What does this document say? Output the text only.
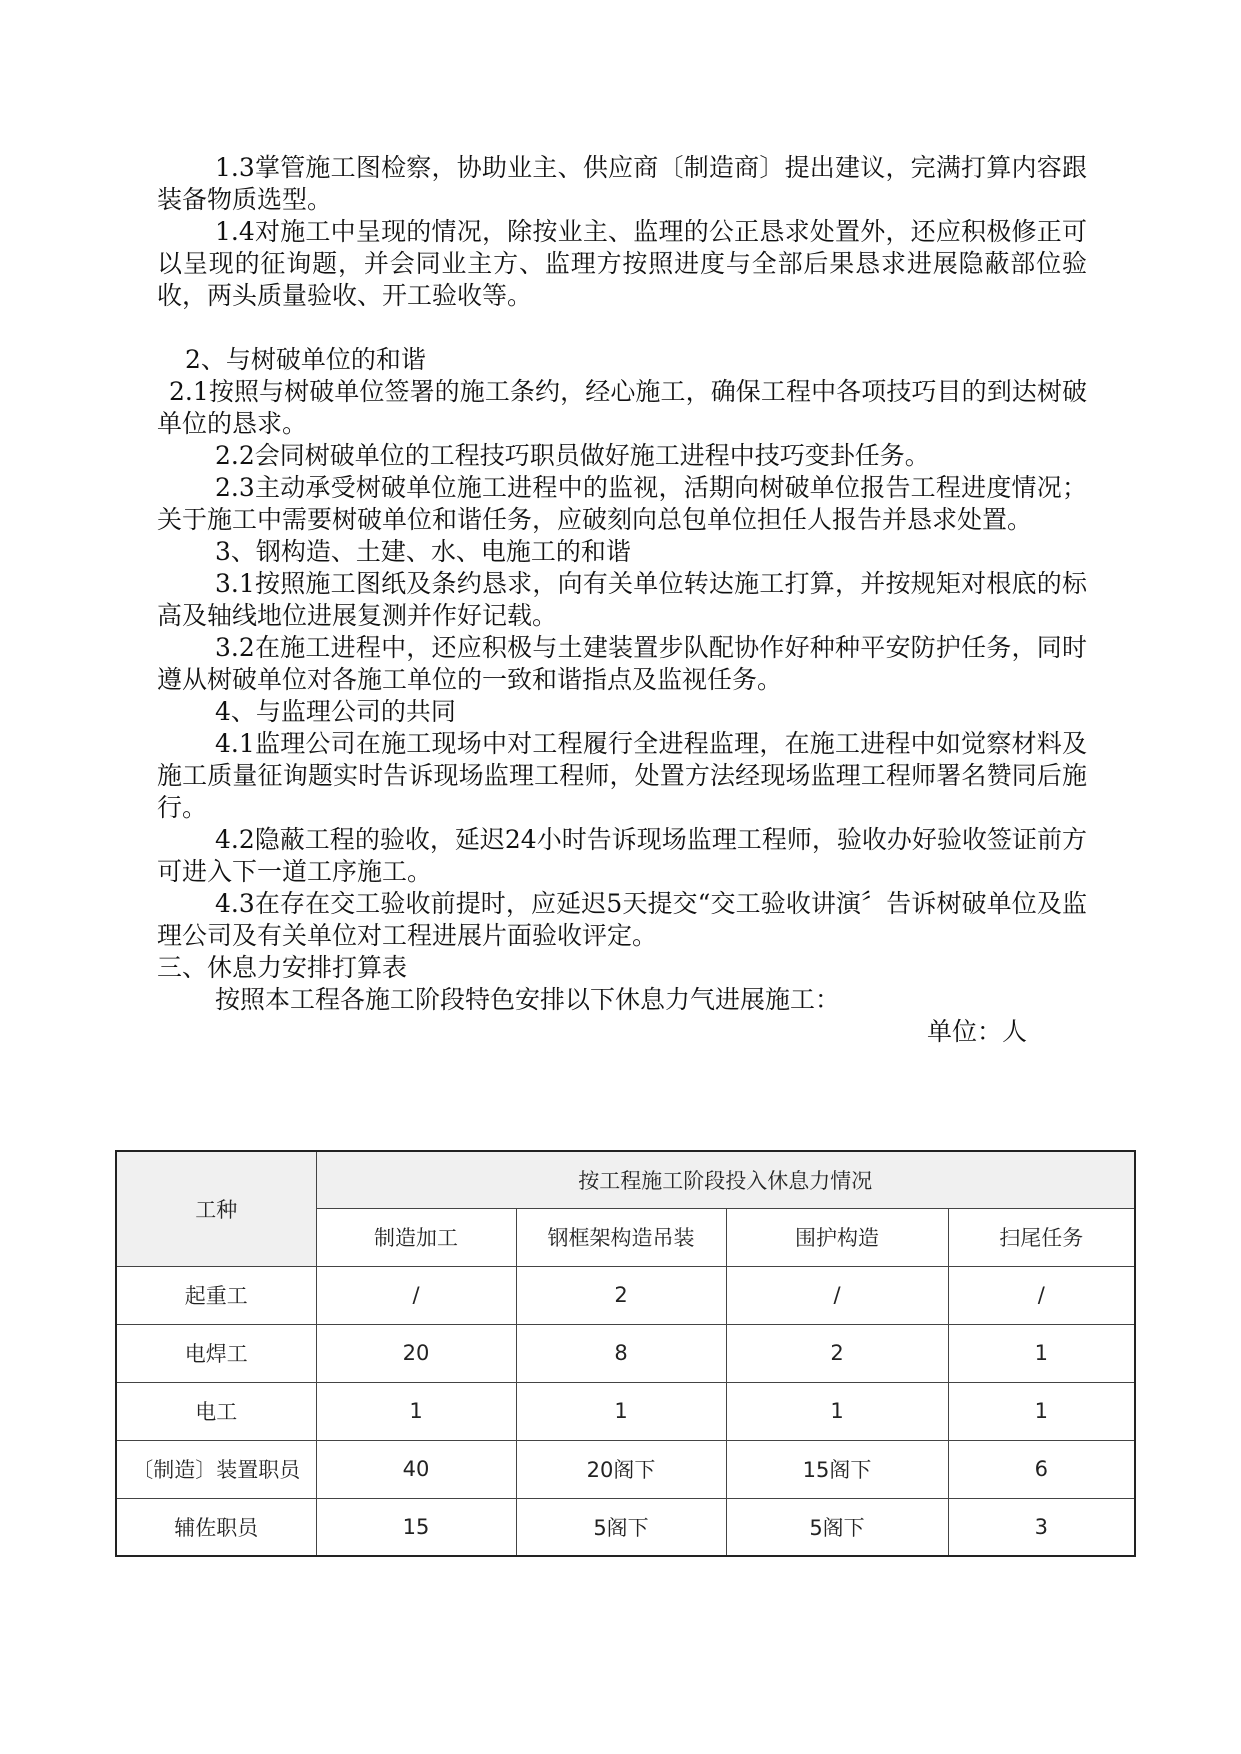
1.3掌管施工图检察，协助业主、供应商〔制造商〕提出建议，完满打算内容跟装备物质选型。

1.4对施工中呈现的情况，除按业主、监理的公正恳求处置外，还应积极修正可以呈现的征询题，并会同业主方、监理方按照进度与全部后果恳求进展隐蔽部位验收，两头质量验收、开工验收等。

2、与树破单位的和谐

2.1按照与树破单位签署的施工条约，经心施工，确保工程中各项技巧目的到达树破单位的恳求。

2.2会同树破单位的工程技巧职员做好施工进程中技巧变卦任务。

2.3主动承受树破单位施工进程中的监视，活期向树破单位报告工程进度情况；关于施工中需要树破单位和谐任务，应破刻向总包单位担任人报告并恳求处置。

3、钢构造、土建、水、电施工的和谐

3.1按照施工图纸及条约恳求，向有关单位转达施工打算，并按规矩对根底的标高及轴线地位进展复测并作好记载。

3.2在施工进程中，还应积极与土建装置步队配协作好种种平安防护任务，同时遵从树破单位对各施工单位的一致和谐指点及监视任务。

4、与监理公司的共同

4.1监理公司在施工现场中对工程履行全进程监理，在施工进程中如觉察材料及施工质量征询题实时告诉现场监理工程师，处置方法经现场监理工程师署名赞同后施行。

4.2隐蔽工程的验收，延迟24小时告诉现场监理工程师，验收办好验收签证前方可进入下一道工序施工。

4.3在存在交工验收前提时，应延迟5天提交“交工验收讲演〞告诉树破单位及监理公司及有关单位对工程进展片面验收评定。

三、休息力安排打算表

按照本工程各施工阶段特色安排以下休息力气进展施工：

单位：人

工种	按工程施工阶段投入休息力情况			
	制造加工	钢框架构造吊装	围护构造	扫尾任务
起重工	/	2	/	/
电焊工	20	8	2	1
电工	1	1	1	1
〔制造〕装置职员	40	20阁下	15阁下	6
辅佐职员	15	5阁下	5阁下	3
